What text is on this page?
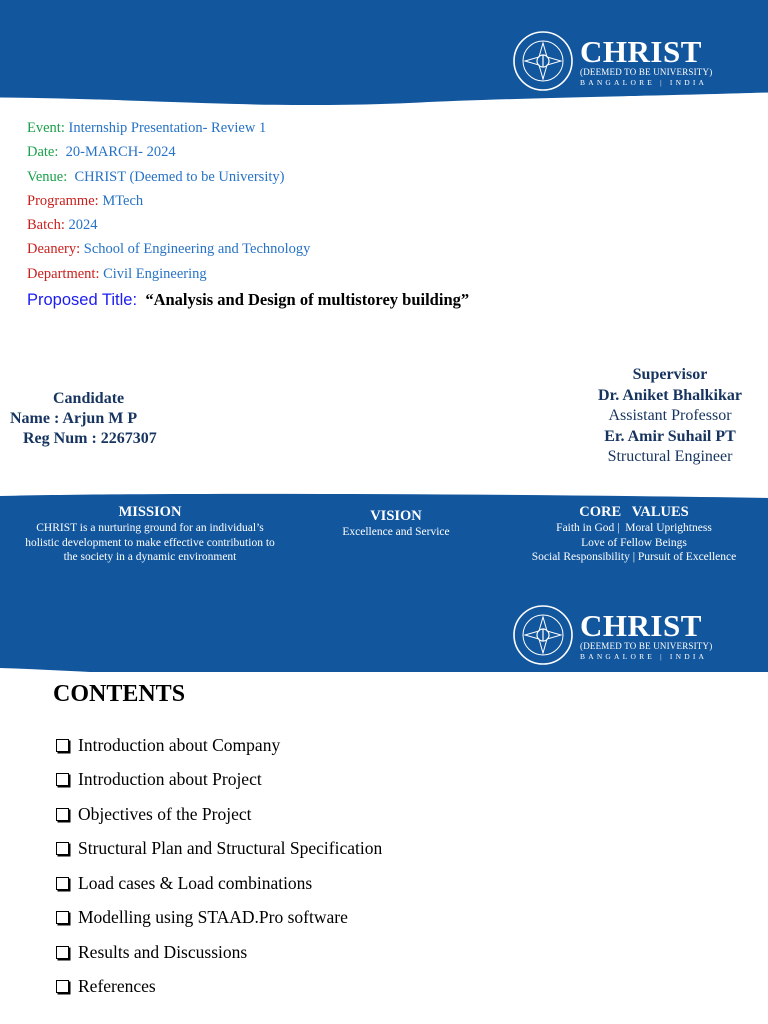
CHRIST
(DEEMED TO BE UNIVERSITY)
BANGALORE | INDIA
Event: Internship Presentation- Review 1
Date: 20-MARCH- 2024
Venue: CHRIST (Deemed to be University)
Programme: MTech
Batch: 2024
Deanery: School of Engineering and Technology
Department: Civil Engineering
Proposed Title: “Analysis and Design of multistorey building”
Candidate
Name : Arjun M P
Reg Num : 2267307
Supervisor
Dr. Aniket Bhalkikar
Assistant Professor
Er. Amir Suhail PT
Structural Engineer
MISSION
CHRIST is a nurturing ground for an individual’s
holistic development to make effective contribution to
the society in a dynamic environment
VISION
Excellence and Service
CORE   VALUES
Faith in God |  Moral Uprightness
Love of Fellow Beings
Social Responsibility | Pursuit of Excellence
CHRIST
(DEEMED TO BE UNIVERSITY)
BANGALORE | INDIA
CONTENTS
Introduction about Company
Introduction about Project
Objectives of the Project
Structural Plan and Structural Specification
Load cases & Load combinations
Modelling using STAAD.Pro software
Results and Discussions
References
